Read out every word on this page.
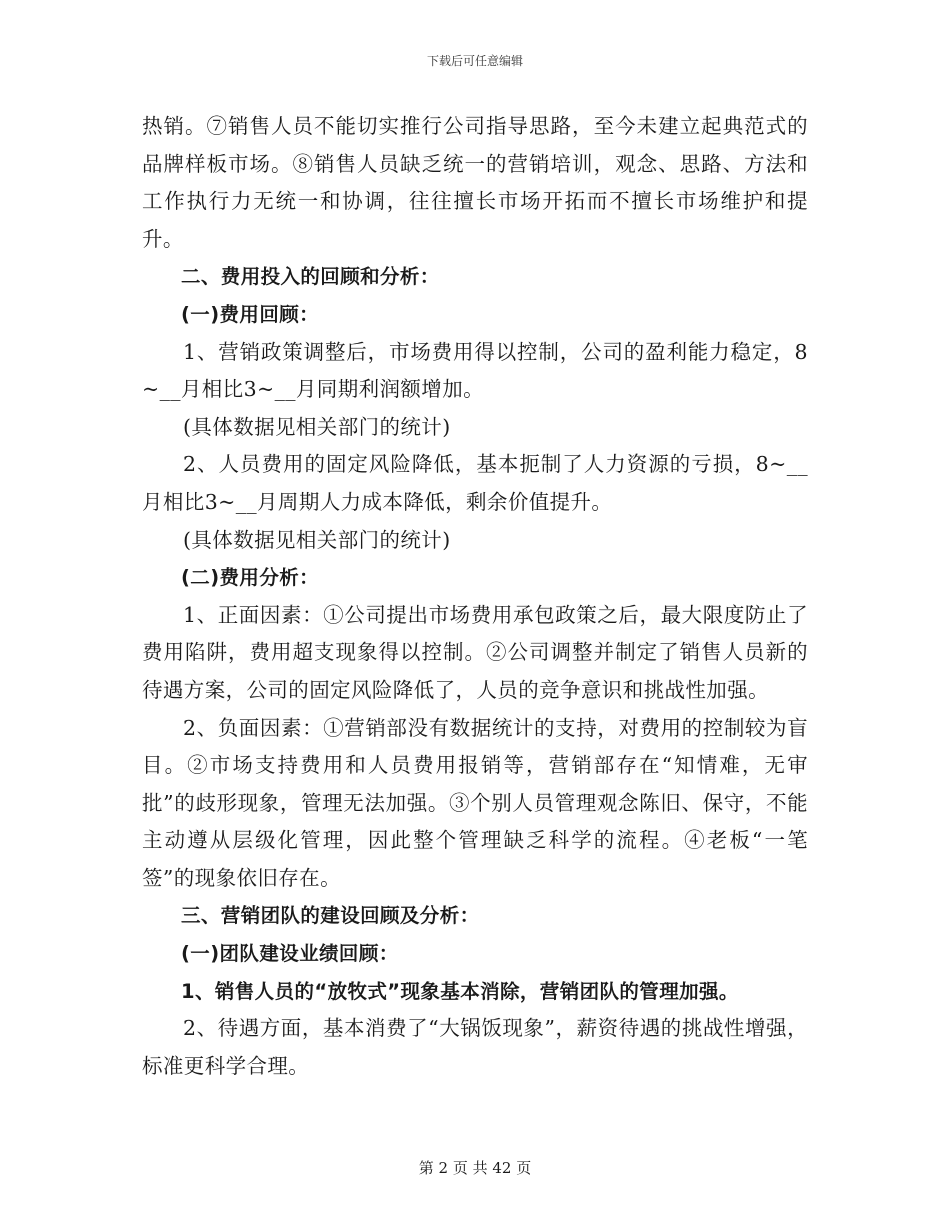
下载后可任意编辑

热销。⑦销售人员不能切实推行公司指导思路，至今未建立起典范式的品牌样板市场。⑧销售人员缺乏统一的营销培训，观念、思路、方法和工作执行力无统一和协调，往往擅长市场开拓而不擅长市场维护和提升。

二、费用投入的回顾和分析：

(一)费用回顾：

1、营销政策调整后，市场费用得以控制，公司的盈利能力稳定，8~__月相比3~__月同期利润额增加。

(具体数据见相关部门的统计)

2、人员费用的固定风险降低，基本扼制了人力资源的亏损，8~__月相比3~__月周期人力成本降低，剩余价值提升。

(具体数据见相关部门的统计)

(二)费用分析：

1、正面因素：①公司提出市场费用承包政策之后，最大限度防止了费用陷阱，费用超支现象得以控制。②公司调整并制定了销售人员新的待遇方案，公司的固定风险降低了，人员的竞争意识和挑战性加强。

2、负面因素：①营销部没有数据统计的支持，对费用的控制较为盲目。②市场支持费用和人员费用报销等，营销部存在“知情难，无审批”的歧形现象，管理无法加强。③个别人员管理观念陈旧、保守，不能主动遵从层级化管理，因此整个管理缺乏科学的流程。④老板“一笔签”的现象依旧存在。

三、营销团队的建设回顾及分析：

(一)团队建设业绩回顾：

1、销售人员的“放牧式”现象基本消除，营销团队的管理加强。

2、待遇方面，基本消费了“大锅饭现象”，薪资待遇的挑战性增强，标准更科学合理。

第 2 页 共 42 页
